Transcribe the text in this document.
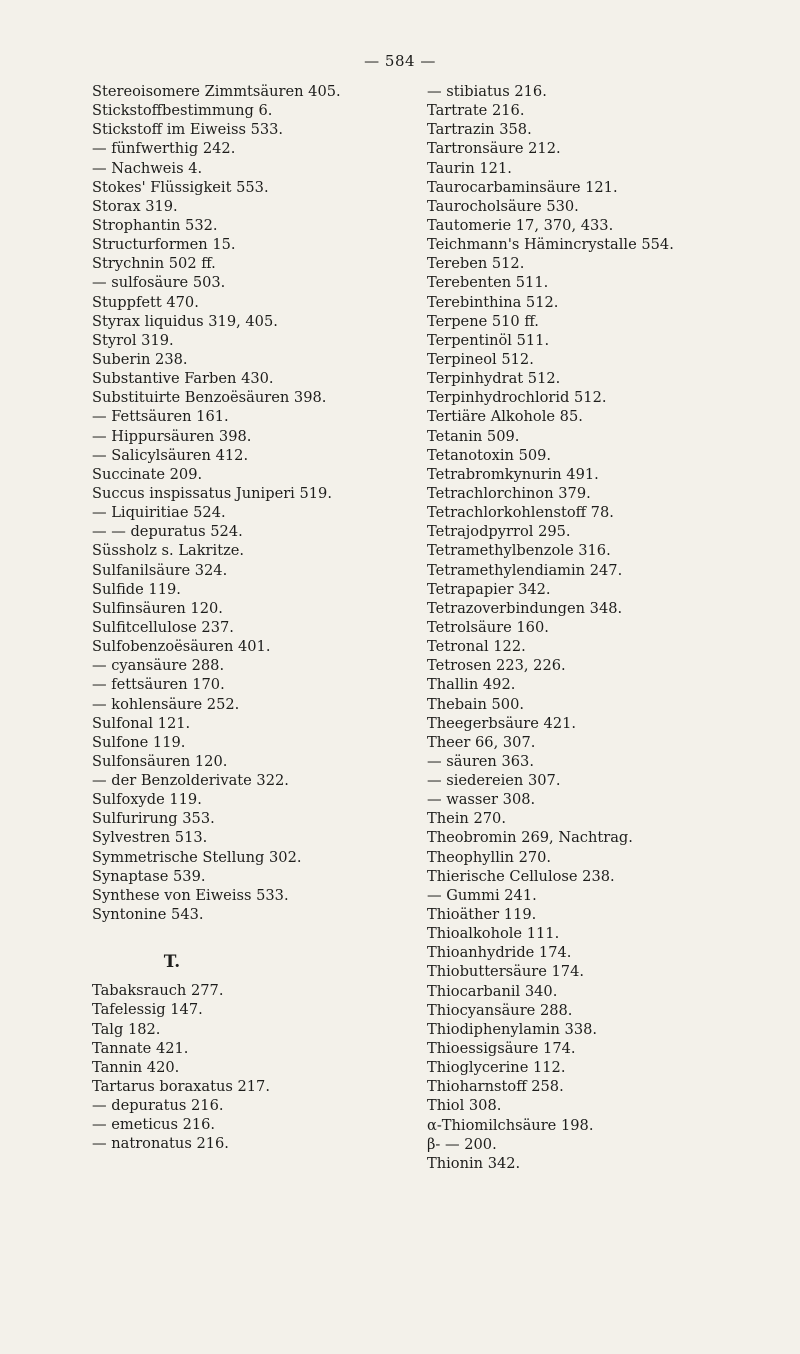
— 584 —
Stereoisomere Zimmtsäuren 405.
Stickstoffbestimmung 6.
Stickstoff im Eiweiss 533.
— fünfwerthig 242.
— Nachweis 4.
Stokes' Flüssigkeit 553.
Storax 319.
Strophantin 532.
Structurformen 15.
Strychnin 502 ff.
— sulfosäure 503.
Stuppfett 470.
Styrax liquidus 319, 405.
Styrol 319.
Suberin 238.
Substantive Farben 430.
Substituirte Benzoësäuren 398.
— Fettsäuren 161.
— Hippursäuren 398.
— Salicylsäuren 412.
Succinate 209.
Succus inspissatus Juniperi 519.
— Liquiritiae 524.
— — depuratus 524.
Süssholz s. Lakritze.
Sulfanilsäure 324.
Sulfide 119.
Sulfinsäuren 120.
Sulfitcellulose 237.
Sulfobenzoësäuren 401.
— cyansäure 288.
— fettsäuren 170.
— kohlensäure 252.
Sulfonal 121.
Sulfone 119.
Sulfonsäuren 120.
— der Benzolderivate 322.
Sulfoxyde 119.
Sulfurirung 353.
Sylvestren 513.
Symmetrische Stellung 302.
Synaptase 539.
Synthese von Eiweiss 533.
Syntonine 543.
T.
Tabaksrauch 277.
Tafelessig 147.
Talg 182.
Tannate 421.
Tannin 420.
Tartarus boraxatus 217.
— depuratus 216.
— emeticus 216.
— natronatus 216.
— stibiatus 216.
Tartrate 216.
Tartrazin 358.
Tartronsäure 212.
Taurin 121.
Taurocarbaminsäure 121.
Taurocholsäure 530.
Tautomerie 17, 370, 433.
Teichmann's Hämincrystalle 554.
Tereben 512.
Terebenten 511.
Terebinthina 512.
Terpene 510 ff.
Terpentinöl 511.
Terpineol 512.
Terpinhydrat 512.
Terpinhydrochlorid 512.
Tertiäre Alkohole 85.
Tetanin 509.
Tetanotoxin 509.
Tetrabromkynurin 491.
Tetrachlorchinon 379.
Tetrachlorkohlenstoff 78.
Tetrajodpyrrol 295.
Tetramethylbenzole 316.
Tetramethylendiamin 247.
Tetrapapier 342.
Tetrazoverbindungen 348.
Tetrolsäure 160.
Tetronal 122.
Tetrosen 223, 226.
Thallin 492.
Thebain 500.
Theegerbsäure 421.
Theer 66, 307.
— säuren 363.
— siedereien 307.
— wasser 308.
Thein 270.
Theobromin 269, Nachtrag.
Theophyllin 270.
Thierische Cellulose 238.
— Gummi 241.
Thioäther 119.
Thioalkohole 111.
Thioanhydride 174.
Thiobuttersäure 174.
Thiocarbanil 340.
Thiocyansäure 288.
Thiodiphenylamin 338.
Thioessigsäure 174.
Thioglycerine 112.
Thioharnstoff 258.
Thiol 308.
α-Thiomilchsäure 198.
β- — 200.
Thionin 342.
